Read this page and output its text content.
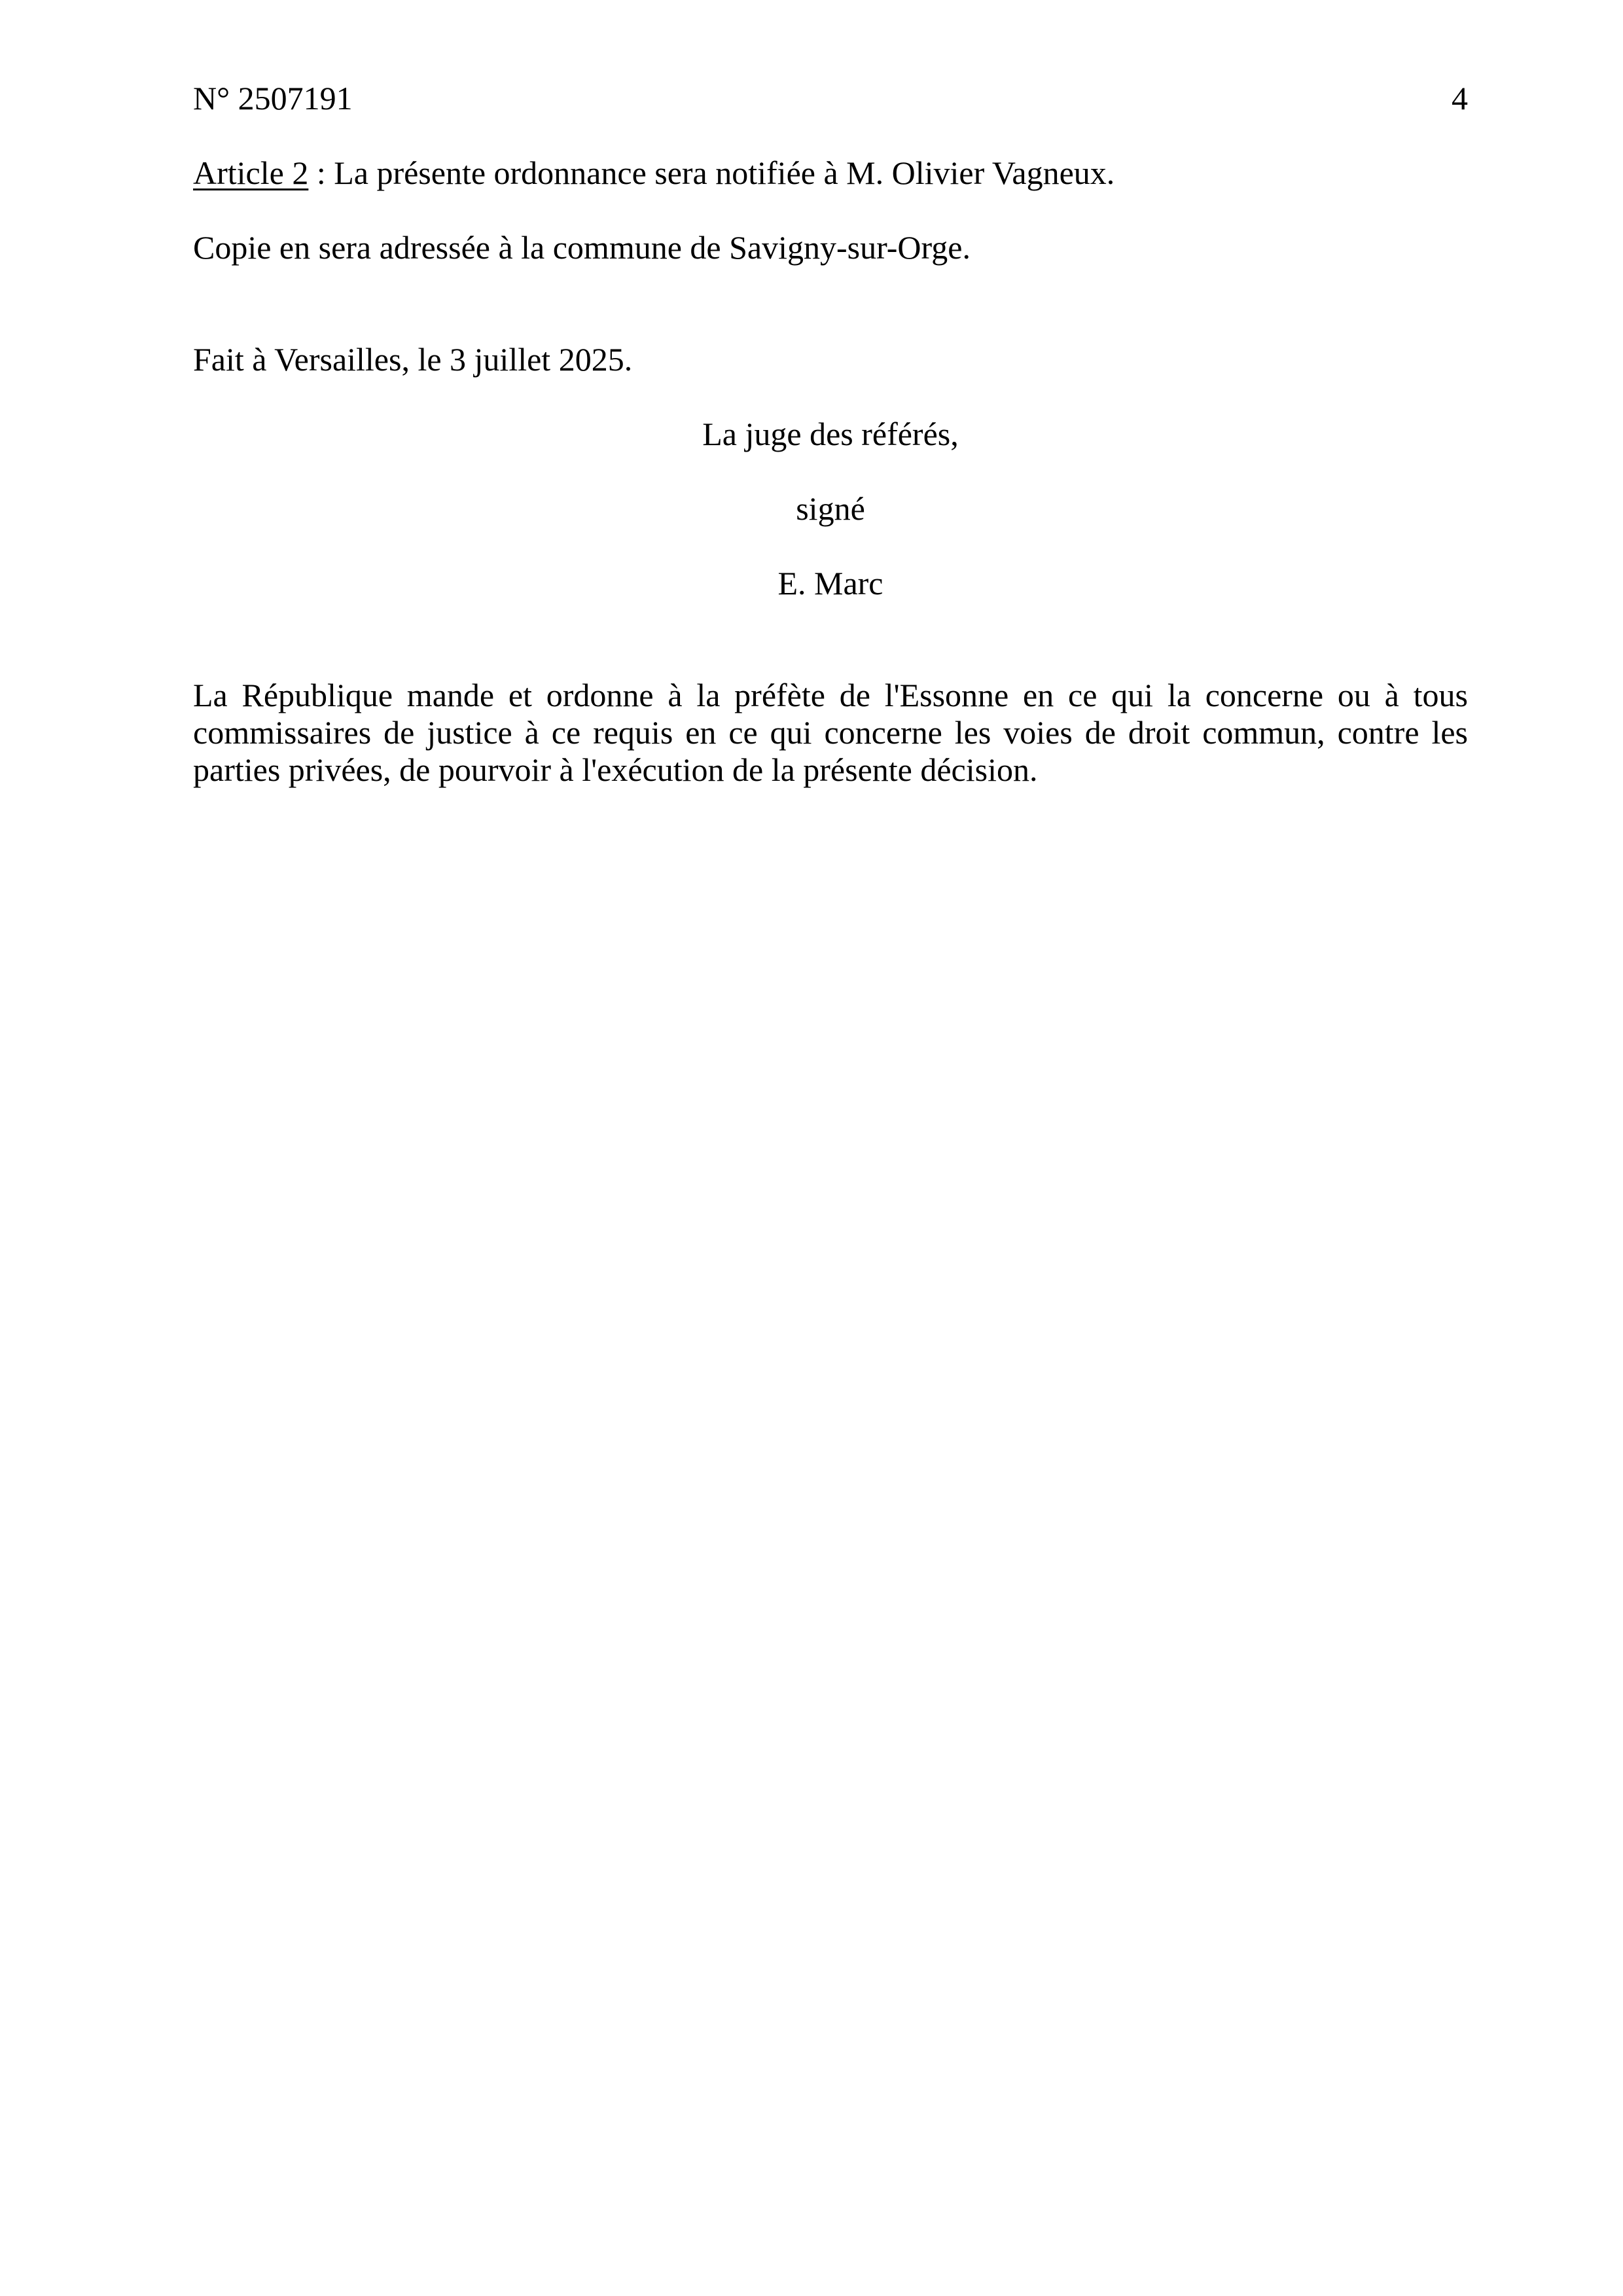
N° 2507191	4

Article 2 : La présente ordonnance sera notifiée à M. Olivier Vagneux.

Copie en sera adressée à la commune de Savigny-sur-Orge.

Fait à Versailles, le 3 juillet 2025.

La juge des référés,

signé

E. Marc

La République mande et ordonne à la préfète de l'Essonne en ce qui la concerne ou à tous commissaires de justice à ce requis en ce qui concerne les voies de droit commun, contre les parties privées, de pourvoir à l'exécution de la présente décision.
